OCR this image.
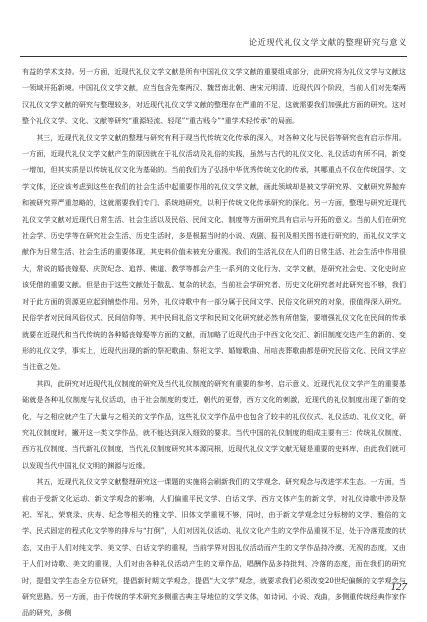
论近现代礼仪文学文献的整理研究与意义

有益的学术支持。另一方面，近现代礼仪文学文献是所有中国礼仪文学文献的重要组成部分，此研究将为礼仪文学与文献这一领域开拓新境。中国礼仪文学文献，应当包含先秦两汉、魏晋南北朝、唐宋元明清、近现代四个阶段，当前人们对先秦两汉礼仪文学文献的研究与整理较多，对近现代礼仪文学文献的整理存在严重的不足，这就需要我们加强此方面的研究。这对整个礼仪文学、文化、文献等研究“重源轻流、轻尾”“重古贱今”“重学术轻传承”的局面。

其三，近现代礼仪文学文献的整理与研究有利于现当代传统文化传承的深入，对各种文化与民俗等研究也有启示作用。一方面，近现代礼仪文学文献产生的原因就在于礼仪活动及礼俗的实践，虽然与古代的礼仪文化、礼仪活动有所不同，新变一增加，但其实质是以传统礼仪文化为基础的。当前我们为了弘扬中华优秀传统文化的传承，其哪重点不仅在传统国学、文学文体，还应该考虑到这些在我们的社会生活中起重要作用的礼仪文学文献，画此领域却是被文学研究界、文献研究界抛弃和被研究界严重忽略的，这就需要我们专门、系统地研究，以利于传统文化传承研究的深化。另一方面，整理与研究近现代礼仪文学文献对近现代日常生活、社会生活以及民俗、民间文化、制度等方面研究具有启示与开拓的意义。当前人们在研究社会学、历史学等在研究社会生活、历史生活时，多是根据当时的小说、戏剧、报刊及相关图书进行研究的，而礼仪文学文献作为日常生活、社会生活的重要体现，其史料价值未被充分重视。我们的生活礼仪在人们的日常生活、社会生活中作用很大，常说的婚丧嫁娶、庆贺纪念、追荐、佛道、教学等都会产生一系列的文化行为、文学文献，是研究社会史、文化史时应该凭借的重要文献。但是由于这些文献处于散乱、复杂的状态，当前社会学研究者、历史文化研究者对此研究也不够，我们对于此方面的资源更应起到铺垫作用。另外，礼仪诗歌中有一部分属于民间文学、民俗文化研究的对象，很值得深入研究。民俗学者对民间风俗仪式、民间信仰等，其中民间礼俗文学和民间文化研究就必然有所借鉴，要增强礼仪文化在民间的传承就要在近现代和当代传统的各种婚丧嫁娶等方面的文献，而加略了近现代由于中西文化交汇、新旧制度交迭产生的新的、变形的礼仪文学，事实上，近现代出现的新的祭祀歌曲、祭祀文学、婚嫁歌曲、吊唁丧葬歌曲都是研究民俗文化、民间文学应当注意之处。

其四，此研究对近现代礼仪制度的研究及当代礼仪制度的研究有重要的参考、启示意义。近现代礼仪文学产生的重要基础就是各种礼仪制度与礼仪活动，由于社会制度的变迁、朝代的更替，西方文化的刺激，近现代的礼仪制度出现了新的变化，与之相应就产生了大量与之相关的文学作品，这些礼仪文学作品中也包含了较丰的礼仪仪式、礼仪活动、礼仪文化，研究礼仪制度时，撇开这一类文学作品，就不能达到深入细致的要求。当代中国的礼仪制度的组成主要有三：传统礼仪制度、西方礼仪制度、当代新礼仪制度，当代礼仪制度研究其本源同根，近现代礼仪文学文献无疑是重要的史料库，由此我们就可以发现当代中国礼仪文明的渊源与近缘。

其五，近现代礼仪文学文献整理研究这一课题的实施将会刷新我们的文学观念、研究观念与改进学术生态。一方面，当前由于受新文化运动、新文学观念的影响，人们偏重平民文学、白话文学、西方文体产生的新文学，对礼仪诗歌中涉及祭祀、军礼、荣衰录、庆寿、纪念等相关的雅文学、旧体文学重视不够，同时，由于新文学观念过分标榜的文学、雅俗的文学、民式固定的程式化文学等的排斥与“打倒”，人们对因礼仪活动、礼仪文化产生的文学作品重视不足，处于冷落荒废的状态，又由于人们对纯文学、美文学、白话文学的重视，当前学界对因礼仪活动而产生的文学作品持冷漠、无视的态度，又由于人们对诗歌、美文的重视，人们对由各种礼仪活动产生的文章作品，唱酬作品多持批判、冷落的态度，而在我们的研究时，提倡文学生态全方位研究，提倡新时期文学观念，提倡“大文学”观念，就要求我们必须改变20世纪偏颇的文学观念与研究思路。另一方面，由于传统的学术研究多侧重古典主导地位的文学文体，如诗词、小说、戏曲，多侧重传统经典作家作品的研究，多侧

127
